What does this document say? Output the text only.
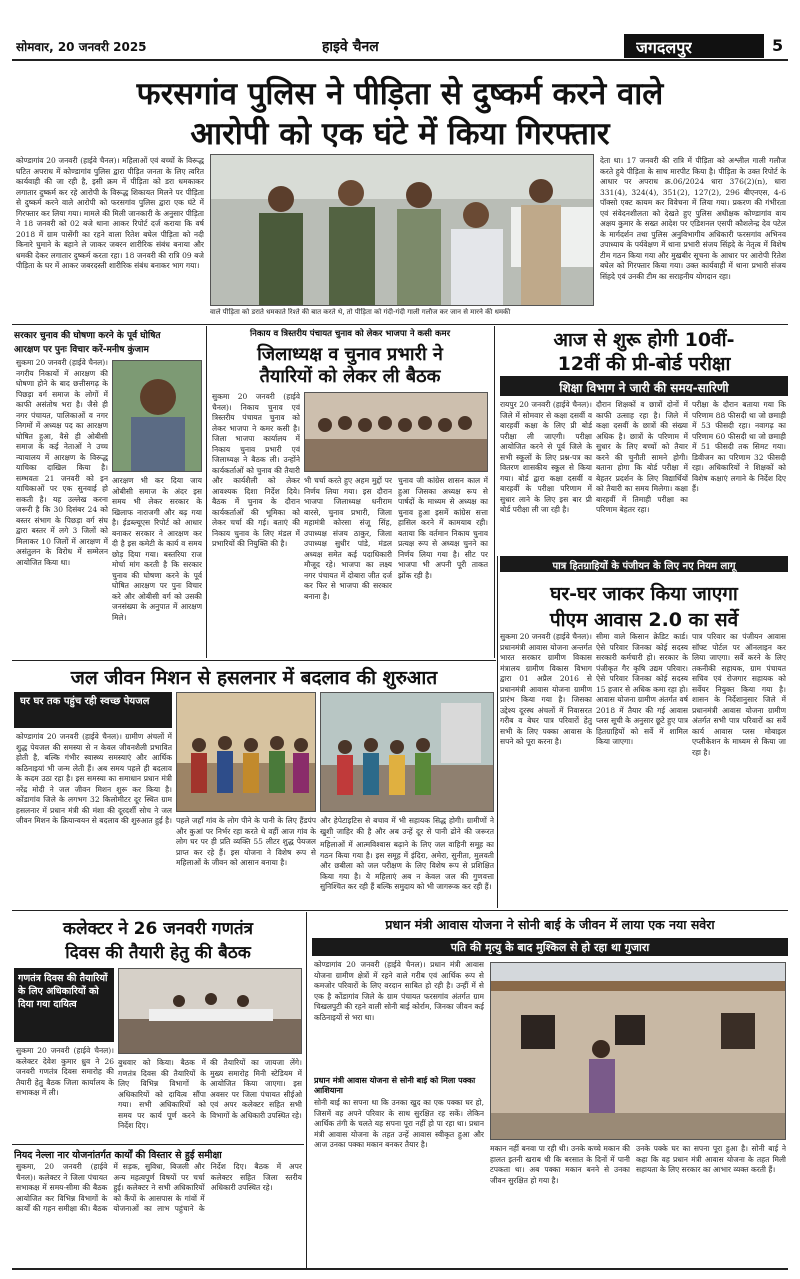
सोमवार, 20 जनवरी 2025	हाइवे चैनल	जगदलपुर	5
फरसगांव पुलिस ने पीड़िता से दुष्कर्म करने वाले
आरोपी को एक घंटे में किया गिरफ्तार
कोण्डागांव 20 जनवरी (हाईवे चैनल)। महिलाओं एवं बच्चों के विरूद्ध घटित अपराध में कोण्डागांव पुलिस द्वारा पीड़ित जनता के लिए त्वरित कार्यवाही की जा रही है, इसी क्रम में पीड़िता को डरा धमकाकर लगातार दुष्कर्म कर रहे आरोपी के विरूद्ध शिकायत मिलने पर पीड़िता से दुष्कर्म करने वाले आरोपी को फरसगांव पुलिस द्वारा एक घंटे में गिरफ्तार कर लिया गया। मामले की मिली जानकारी के अनुसार पीड़िता ने 18 जनवरी को 02 बजे थाना आकर रिपोर्ट दर्ज कराया कि वर्ष 2018 में ग्राम पासेंगी का रहने वाला रितेश बघेल पीड़िता को नदी किनारे घुमाने के बहाने ले जाकर जबरन शारीरिक संबंध बनाया और धमकी देकर लगातार दुष्कर्म करता रहा। 18 जनवरी की रात्रि 09 बजे पीड़िता के घर में आकर जबरदस्ती शारीरिक संबंध बनाकर भाग गया।
वाले पीड़िता को डराते धमकाते रिश्ते की बात करते थे, तो पीड़िता को गंदी-गंदी गाली गलौज कर जान से मारने की धमकी
देता था। 17 जनवरी की रात्रि में पीड़िता को अश्लील गाली गलौज करते हुये पीड़िता के साथ मारपीट किया है। पीड़िता के उक्त रिपोर्ट के आधार पर अपराध क्र.06/2024 धारा 376(2)(n), धारा 331(4), 324(4), 351(2), 127(2), 296 बीएनएस, 4-6 पॉक्सो एक्ट कायम कर विवेचना में लिया गया। प्रकरण की गंभीरता एवं संवेदनशीलता को देखते हुए पुलिस अधीक्षक कोण्डागांव वाय अक्षय कुमार के सख्त आदेश पर एडिशनल एसपी कौशलेन्द्र देव पटेल के मार्गदर्शन तथा पुलिस अनुविभागीय अधिकारी फरसगांव अभिनव उपाध्याय के पर्यवेक्षण में थाना प्रभारी संजय सिंहदे के नेतृत्व में विशेष टीम गठन किया गया और मुखबीर सूचना के आधार पर आरोपी रितेश बघेल को गिरफ्तार किया गया। उक्त कार्यवाही में थाना प्रभारी संजय सिंहदे एवं उनकी टीम का सराहनीय योगदान रहा।
सरकार चुनाव की घोषणा करने के पूर्व घोषित
आरक्षण पर पुनः विचार करें-मनीष कुंजाम
सुकमा 20 जनवरी (हाईवे चैनल)। नगरीय निकायों में आरक्षण की घोषणा होने के बाद छत्तीसगढ़ के पिछड़ा वर्ग समाज के लोगों में काफी असंतोष भरा है। जैसे ही नगर पंचायत, पालिकाओं व नगर निगमों में अध्यक्ष पद का आरक्षण घोषित हुआ, वैसे ही ओबीसी समाज के कई नेताओं ने उच्च न्यायालय में आरक्षण के विरूद्ध याचिका दाखिल किया है। सम्भवतः 21 जनवरी को इन याचिकाओं पर एक सुनवाई हो सकती है। यह उल्लेख करना जरूरी है कि 30 दिसंबर 24 को बस्तर संभाग के पिछड़ा वर्ग संघ द्वारा बस्तर में लगे 3 जिलों को मिलाकर 10 जिलों में आरक्षण में असंतुलन के विरोध में सम्मेलन आयोजित किया था।
आरक्षण भी कर दिया जाय ओबीसी समाज के अंदर इस समय भी लेकर सरकार के खिलाफ नाराजगी और बढ़ गया है। ईडब्ल्यूएस रिपोर्ट को आधार बनाकर सरकार ने आरक्षण कर दी है इस कमेटी के कार्य व समय छोड़ दिया गया। बस्तरिया राज मोर्चा मांग करती है कि सरकार चुनाव की घोषणा करने के पूर्व घोषित आरक्षण पर पुनः विचार करे और ओबीसी वर्ग को उसकी जनसंख्या के अनुपात में आरक्षण मिले।
निकाय व त्रिस्तरीय पंचायत चुनाव को लेकर भाजपा ने कसी कमर
जिलाध्यक्ष व चुनाव प्रभारी ने
तैयारियों को लेकर ली बैठक
सुकमा 20 जनवरी (हाईवे चैनल)। निकाय चुनाव एवं त्रिस्तरीय पंचायत चुनाव को लेकर भाजपा ने कमर कसी है। जिला भाजपा कार्यालय में निकाय चुनाव प्रभारी एवं जिलाध्यक्ष ने बैठक ली। उन्होंने कार्यकर्ताओं को चुनाव की तैयारी और कार्यशैली को लेकर आवश्यक दिशा निर्देश दिये। बैठक में चुनाव के दौरान कार्यकर्ताओं की भूमिका को लेकर चर्चा की गई। बताएं की निकाय चुनाव के लिए मंडल में प्रभारियों की नियुक्ति की है।
भी चर्चा करते हुए अहम मुद्दों पर निर्णय लिया गया। इस दौरान भाजपा जिलाध्यक्ष धनीराम बारसे, चुनाव प्रभारी, जिला महामंत्री कोरसा संजू सिंह, उपाध्यक्ष संजय ठाकुर, जिला उपाध्यक्ष सुधीर पांडे, मंडल अध्यक्ष समेत कई पदाधिकारी मौजूद रहे। भाजपा का लक्ष्य नगर पंचायत में दोबारा जीत दर्ज कर फिर से भाजपा की सरकार बनाना है।
चुनाव जी कांग्रेस शासन काल में हुआ जिसका अध्यक्ष रूप से पार्षदों के माध्यम से अध्यक्ष का चुनाव हुआ इसमें कांग्रेस सत्ता हासिल करने में कामयाब रही। बताया कि वर्तमान निकाय चुनाव प्रत्यक्ष रूप से अध्यक्ष चुनने का निर्णय लिया गया है। सीट पर भाजपा भी अपनी पूरी ताकत झोंक रही है।
आज से शुरू होगी 10वीं-
12वीं की प्री-बोर्ड परीक्षा
शिक्षा विभाग ने जारी की समय-सारिणी
रायपुर 20 जनवरी (हाईवे चैनल)। जिले में सोमवार से कक्षा दसवीं व बारहवीं कक्षा के लिए प्री बोर्ड परीक्षा ली जाएगी। परीक्षा आयोजित करने से पूर्व जिले के सभी स्कूलों के लिए प्रश्न-पत्र का वितरण शासकीय स्कूल से किया गया। बोर्ड द्वारा कक्षा दसवीं व बारहवीं के परीक्षा परिणाम में सुधार लाने के लिए इस बार प्री बोर्ड परीक्षा ली जा रही है।
दौरान शिक्षकों व छात्रों दोनों में काफी उत्साह रहा है। जिले में कक्षा दसवीं के छात्रों की संख्या अधिक है। छात्रों के परिणाम में सुधार के लिए बच्चों को तैयार करने की चुनौती सामने होगी। बताना होगा कि बोर्ड परीक्षा में बेहतर प्रदर्शन के लिए विद्यार्थियों को तैयारी का समय मिलेगा। कक्षा बारहवीं में तिमाही परीक्षा का परिणाम बेहतर रहा।
परीक्षा के दौरान बताया गया कि परिणाम 88 फीसदी था जो छमाही में 53 फीसदी रहा। नवागढ़ का परिणाम 60 फीसदी था जो छमाही में 51 फीसदी तक सिमट गया। डिवीजन का परिणाम 32 फीसदी रहा। अधिकारियों ने शिक्षकों को विशेष कक्षाएं लगाने के निर्देश दिए हैं।
पात्र हितग्राहियों के पंजीयन के लिए नए नियम लागू
घर-घर जाकर किया जाएगा
पीएम आवास 2.0 का सर्वे
जल जीवन मिशन से हसलनार में बदलाव की शुरुआत
घर घर तक पहुंच रही स्वच्छ पेयजल
कोण्डागांव 20 जनवरी (हाईवे चैनल)। ग्रामीण अंचलों में शुद्ध पेयजल की समस्या से न केवल जीवनशैली प्रभावित होती है, बल्कि गंभीर स्वास्थ्य समस्याएं और आर्थिक कठिनाइयां भी जन्म लेती हैं। अब समय पहले ही बदलाव के कदम उठा रहा है। इस समस्या का समाधान प्रधान मंत्री नरेंद्र मोदी ने जल जीवन मिशन शुरू कर किया है। कोंडागांव जिले के लगभग 32 किलोमीटर दूर स्थित ग्राम हसलनार में प्रधान मंत्री की मंशा की दूरदर्शी सोच ने जल जीवन मिशन के क्रियान्वयन से बदलाव की शुरुआत हुई है। पहले जहाँ गांव के लोग पीने के पानी के लिए हैंडपंप और कुआं पर निर्भर रहा करते थे वहीं आज गांव के लोग घर पर ही प्रति व्यक्ति 55 लीटर शुद्ध पेयजल प्राप्त कर रहे हैं। इस योजना ने विशेष रूप से महिलाओं के जीवन को आसान बनाया है।
और हेपेटाइटिस से बचाव में भी सहायक सिद्ध होगी। ग्रामीणों ने खुशी जाहिर की है और अब उन्हें दूर से पानी ढोने की जरूरत
महिलाओं में आत्मविश्वास बढ़ाने के लिए जल वाहिनी समूह का गठन किया गया है। इस समूह में इंदिरा, अमेरा, सुनीता, मुलवती और छबीला को जल परीक्षण के लिए विशेष रूप से प्रशिक्षित किया गया है। ये महिलाएं अब न केवल जल की गुणवत्ता सुनिश्चित कर रही हैं बल्कि समुदाय को भी जागरूक कर रही हैं।
सुकमा 20 जनवरी (हाईवे चैनल)। प्रधानमंत्री आवास योजना अन्तर्गत भारत सरकार ग्रामीण विकास मंत्रालय ग्रामीण विकास विभाग द्वारा 01 अप्रैल 2016 से प्रधानमंत्री आवास योजना ग्रामीण प्रारंभ किया गया है। जिसका उद्देश्य दूरस्थ अंचलों में निवासरत गरीब व बेघर पात्र परिवारों हेतु सभी के लिए पक्का आवास के सपने को पूरा करना है।
सीमा वाले किसान क्रेडिट कार्ड। ऐसे परिवार जिनका कोई सदस्य सरकारी कर्मचारी हो। सरकार के पंजीकृत गैर कृषि उद्यम परिवार। ऐसे परिवार जिनका कोई सदस्य 15 हजार से अधिक कमा रहा हो। आवास योजना ग्रामीण अंतर्गत वर्ष 2018 में तैयार की गई आवास प्लस सूची के अनुसार छूटे हुए पात्र हितग्राहियों को सर्वे में शामिल किया जाएगा।
पात्र परिवार का पंजीयन आवास सॉफ्ट पोर्टल पर ऑनलाइन कर लिया जाएगा। सर्वे करने के लिए तकनीकी सहायक, ग्राम पंचायत सचिव एवं रोजगार सहायक को सर्वेयर नियुक्त किया गया है। शासन के निर्देशानुसार जिले में प्रधानमंत्री आवास योजना ग्रामीण अंतर्गत सभी पात्र परिवारों का सर्वे कार्य आवास प्लस मोबाइल एप्लीकेशन के माध्यम से किया जा रहा है।
कलेक्टर ने 26 जनवरी गणतंत्र
दिवस की तैयारी हेतु की बैठक
गणतंत्र दिवस की तैयारियों के लिए अधिकारियों को दिया गया दायित्व
सुकमा 20 जनवरी (हाईवे चैनल)। कलेक्टर देवेश कुमार ध्रुव ने 26 जनवरी गणतंत्र दिवस समारोह की तैयारी हेतु बैठक जिला कार्यालय के सभाकक्ष में ली।
बुधवार को किया। बैठक में गणतंत्र दिवस की तैयारियों के लिए विभिन्न विभागों के अधिकारियों को दायित्व सौंपा गया। सभी अधिकारियों को समय पर कार्य पूर्ण करने के निर्देश दिए।
की तैयारियों का जायजा लेंगे। मुख्य समारोह मिनी स्टेडियम में आयोजित किया जाएगा। इस अवसर पर जिला पंचायत सीईओ एवं अपर कलेक्टर सहित सभी विभागों के अधिकारी उपस्थित रहे।
नियद नेल्ला नार योजनांतर्गत कार्यों की विस्तार से हुई समीक्षा
सुकमा, 20 जनवरी (हाईवे चैनल)। कलेक्टर ने जिला पंचायत सभाकक्ष में समय-सीमा की बैठक आयोजित कर विभिन्न विभागों के कार्यों की गहन समीक्षा की। बैठक में सड़क, सुविधा, बिजली और अन्य महत्वपूर्ण विषयों पर चर्चा हुई। कलेक्टर ने सभी अधिकारियों को कैंपों के आसपास के गांवों में योजनाओं का लाभ पहुंचाने के निर्देश दिए। बैठक में अपर कलेक्टर सहित जिला स्तरीय अधिकारी उपस्थित रहे।
प्रधान मंत्री आवास योजना ने सोनी बाई के जीवन में लाया एक नया सवेरा
पति की मृत्यु के बाद मुश्किल से हो रहा था गुजारा
कोण्डागांव 20 जनवरी (हाईवे चैनल)। प्रधान मंत्री आवास योजना ग्रामीण क्षेत्रों में रहने वाले गरीब एवं आर्थिक रूप से कमजोर परिवारों के लिए वरदान साबित हो रही है। उन्हीं में से एक है कोंडागांव जिले के ग्राम पंचायत फरसगांव अंतर्गत ग्राम चिखलपुटी की रहने वाली सोनी बाई कोर्राम, जिनका जीवन कई कठिनाइयों से भरा था।
प्रधान मंत्री आवास योजना से सोनी बाई को मिला पक्का आशियाना
सोनी बाई का सपना था कि उनका खुद का एक पक्का घर हो, जिसमें वह अपने परिवार के साथ सुरक्षित रह सकें। लेकिन आर्थिक तंगी के चलते यह सपना पूरा नहीं हो पा रहा था। प्रधान मंत्री आवास योजना के तहत उन्हें आवास स्वीकृत हुआ और आज उनका पक्का मकान बनकर तैयार है।	मकान नहीं बनवा पा रही थी। उनके कच्चे मकान की हालत इतनी खराब थी कि बरसात के दिनों में पानी टपकता था। अब पक्का मकान बनने से उनका जीवन सुरक्षित हो गया है।
उनके पक्के घर का सपना पूरा हुआ है। सोनी बाई ने कहा कि वह प्रधान मंत्री आवास योजना के तहत मिली सहायता के लिए सरकार का आभार व्यक्त करती हैं।
